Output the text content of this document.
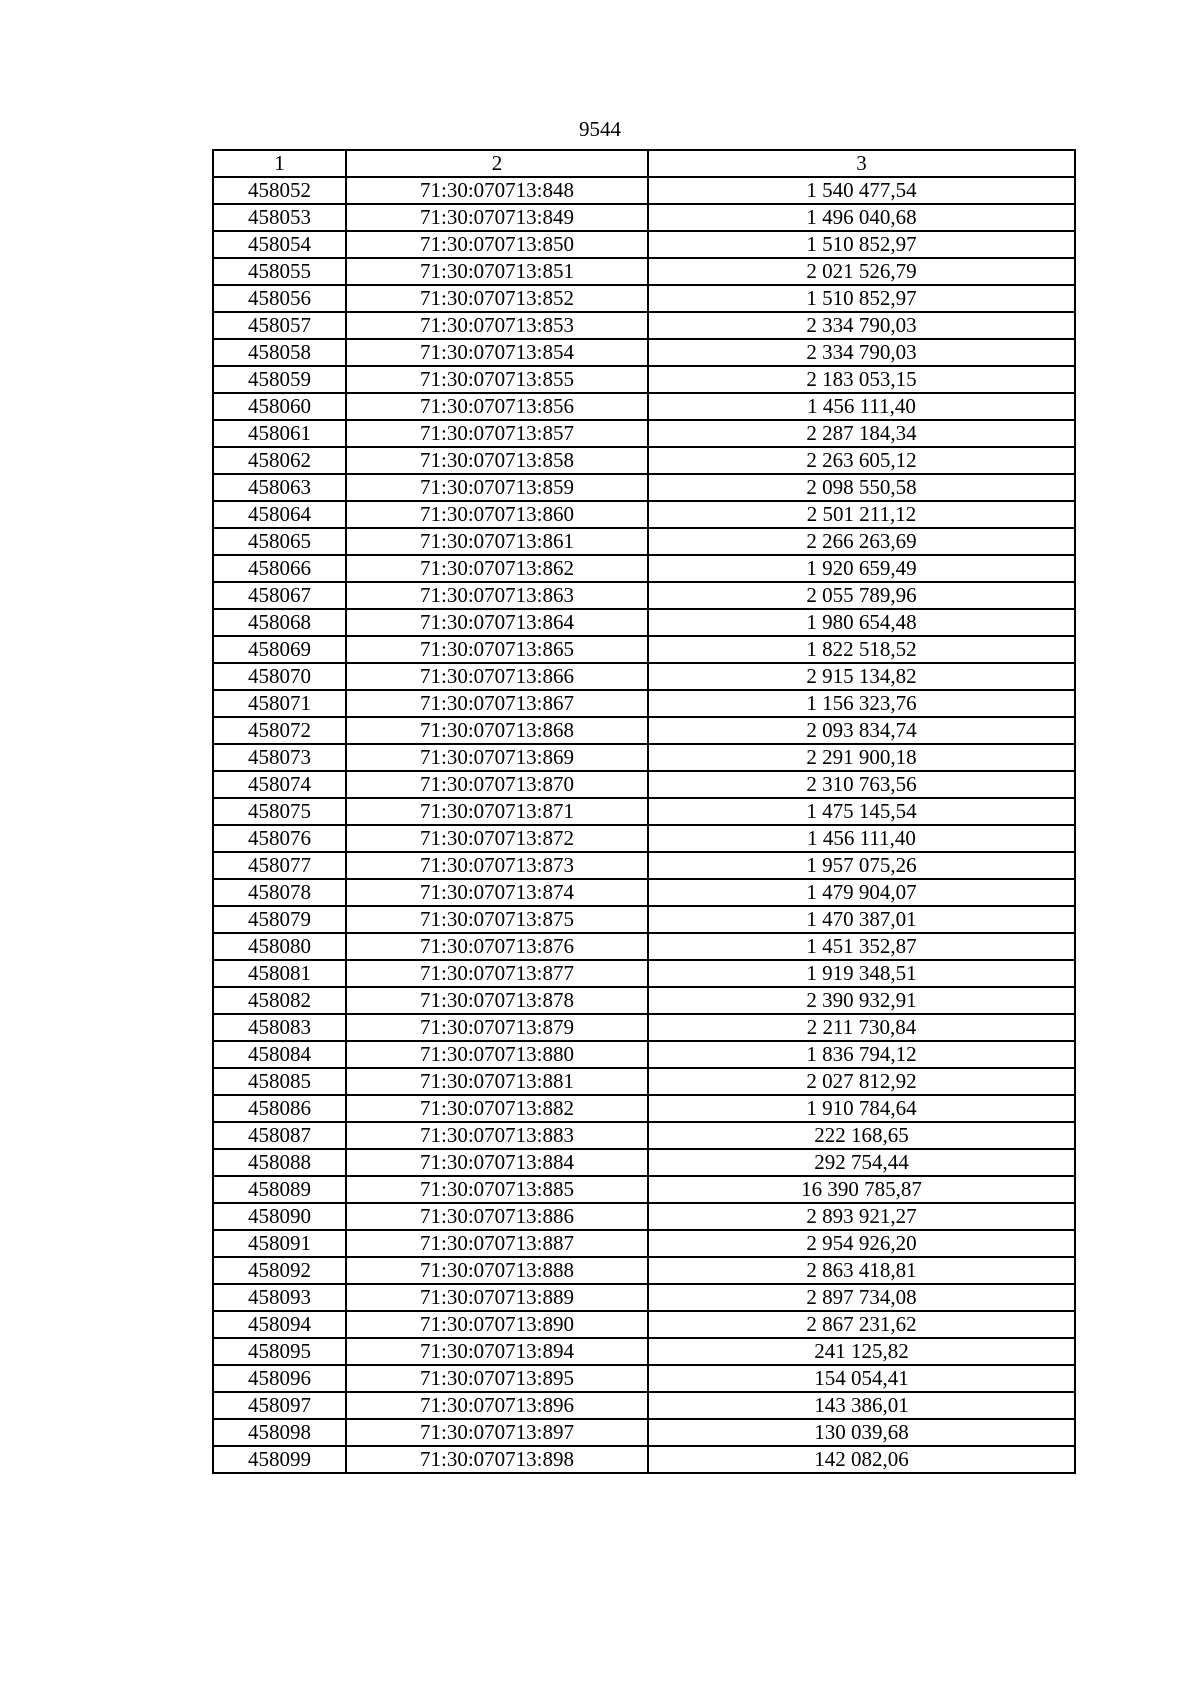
9544
1	2	3
458052	71:30:070713:848	1 540 477,54
458053	71:30:070713:849	1 496 040,68
458054	71:30:070713:850	1 510 852,97
458055	71:30:070713:851	2 021 526,79
458056	71:30:070713:852	1 510 852,97
458057	71:30:070713:853	2 334 790,03
458058	71:30:070713:854	2 334 790,03
458059	71:30:070713:855	2 183 053,15
458060	71:30:070713:856	1 456 111,40
458061	71:30:070713:857	2 287 184,34
458062	71:30:070713:858	2 263 605,12
458063	71:30:070713:859	2 098 550,58
458064	71:30:070713:860	2 501 211,12
458065	71:30:070713:861	2 266 263,69
458066	71:30:070713:862	1 920 659,49
458067	71:30:070713:863	2 055 789,96
458068	71:30:070713:864	1 980 654,48
458069	71:30:070713:865	1 822 518,52
458070	71:30:070713:866	2 915 134,82
458071	71:30:070713:867	1 156 323,76
458072	71:30:070713:868	2 093 834,74
458073	71:30:070713:869	2 291 900,18
458074	71:30:070713:870	2 310 763,56
458075	71:30:070713:871	1 475 145,54
458076	71:30:070713:872	1 456 111,40
458077	71:30:070713:873	1 957 075,26
458078	71:30:070713:874	1 479 904,07
458079	71:30:070713:875	1 470 387,01
458080	71:30:070713:876	1 451 352,87
458081	71:30:070713:877	1 919 348,51
458082	71:30:070713:878	2 390 932,91
458083	71:30:070713:879	2 211 730,84
458084	71:30:070713:880	1 836 794,12
458085	71:30:070713:881	2 027 812,92
458086	71:30:070713:882	1 910 784,64
458087	71:30:070713:883	222 168,65
458088	71:30:070713:884	292 754,44
458089	71:30:070713:885	16 390 785,87
458090	71:30:070713:886	2 893 921,27
458091	71:30:070713:887	2 954 926,20
458092	71:30:070713:888	2 863 418,81
458093	71:30:070713:889	2 897 734,08
458094	71:30:070713:890	2 867 231,62
458095	71:30:070713:894	241 125,82
458096	71:30:070713:895	154 054,41
458097	71:30:070713:896	143 386,01
458098	71:30:070713:897	130 039,68
458099	71:30:070713:898	142 082,06
